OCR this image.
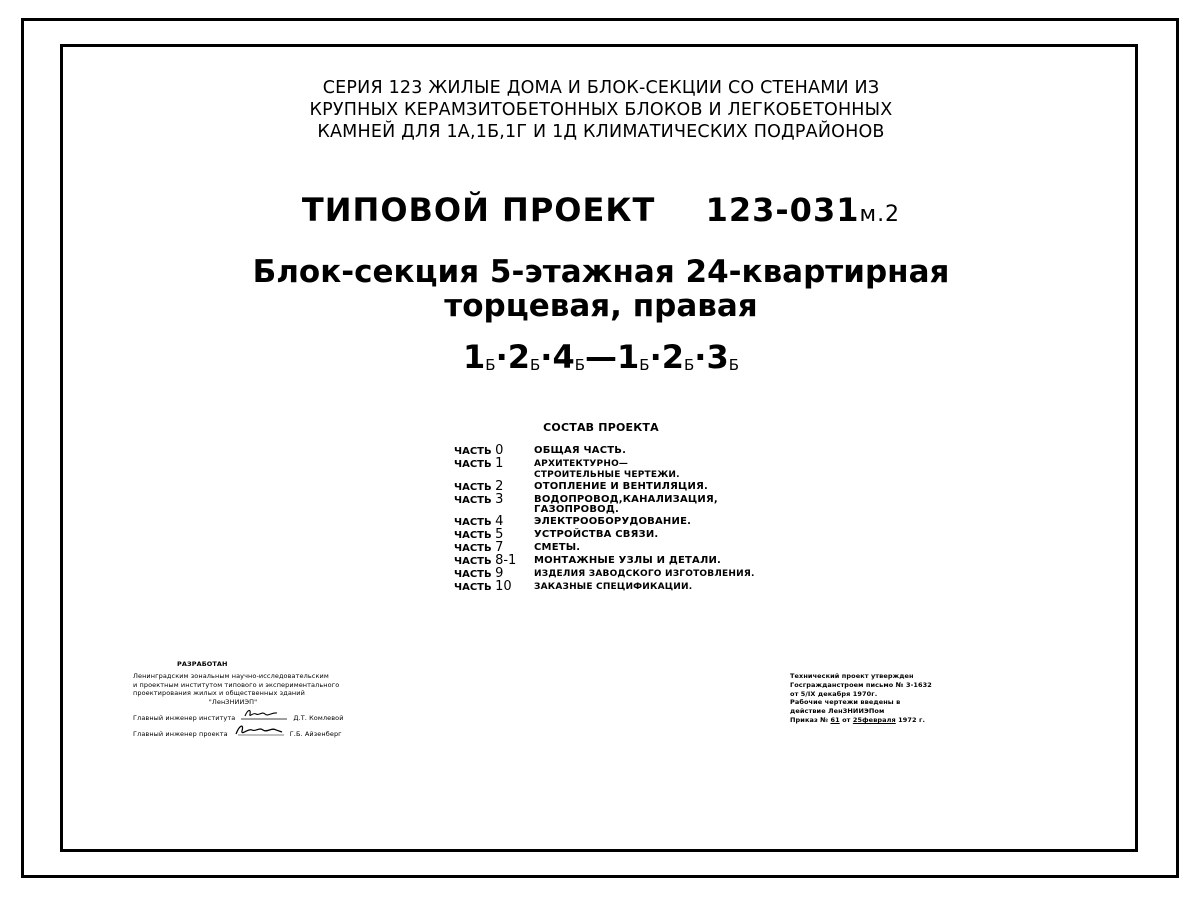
СЕРИЯ 123 ЖИЛЫЕ ДОМА И БЛОК-СЕКЦИИ СО СТЕНАМИ ИЗ
КРУПНЫХ КЕРАМЗИТОБЕТОННЫХ БЛОКОВ И ЛЕГКОБЕТОННЫХ
КАМНЕЙ ДЛЯ 1А,1Б,1Г И 1Д КЛИМАТИЧЕСКИХ ПОДРАЙОНОВ
ТИПОВОЙ ПРОЕКТ 123-031м.2
Блок-секция 5-этажная 24-квартирная
торцевая, правая
$1_Б\cdot 2_Б\cdot 4_Б—1_Б\cdot 2_Б\cdot 3_Б$
СОСТАВ ПРОЕКТА
ЧАСТЬ 0	ОБЩАЯ ЧАСТЬ.
ЧАСТЬ 1	АРХИТЕКТУРНО—СТРОИТЕЛЬНЫЕ ЧЕРТЕЖИ.
ЧАСТЬ 2	ОТОПЛЕНИЕ И ВЕНТИЛЯЦИЯ.
ЧАСТЬ 3	ВОДОПРОВОД,КАНАЛИЗАЦИЯ, ГАЗОПРОВОД.
ЧАСТЬ 4	ЭЛЕКТРООБОРУДОВАНИЕ.
ЧАСТЬ 5	УСТРОЙСТВА СВЯЗИ.
ЧАСТЬ 7	СМЕТЫ.
ЧАСТЬ 8-1	МОНТАЖНЫЕ УЗЛЫ И ДЕТАЛИ.
ЧАСТЬ 9	ИЗДЕЛИЯ ЗАВОДСКОГО ИЗГОТОВЛЕНИЯ.
ЧАСТЬ 10	ЗАКАЗНЫЕ СПЕЦИФИКАЦИИ.
РАЗРАБОТАН
Ленинградским зональным научно-исследовательским
и проектным институтом типового и экспериментального
проектирования жилых и общественных зданий
"ЛенЗНИИЭП"
Главный инженер института	Д.Т. Комлевой
Главный инженер проекта	Г.Б. Айзенберг
Технический проект утвержден
Госгражданстроем письмо № 3-1632
от 5/IX декабря 1970г.
Рабочие чертежи введены в
действие ЛенЗНИИЭПом
Приказ № 61 от 25февраля 1972 г.
